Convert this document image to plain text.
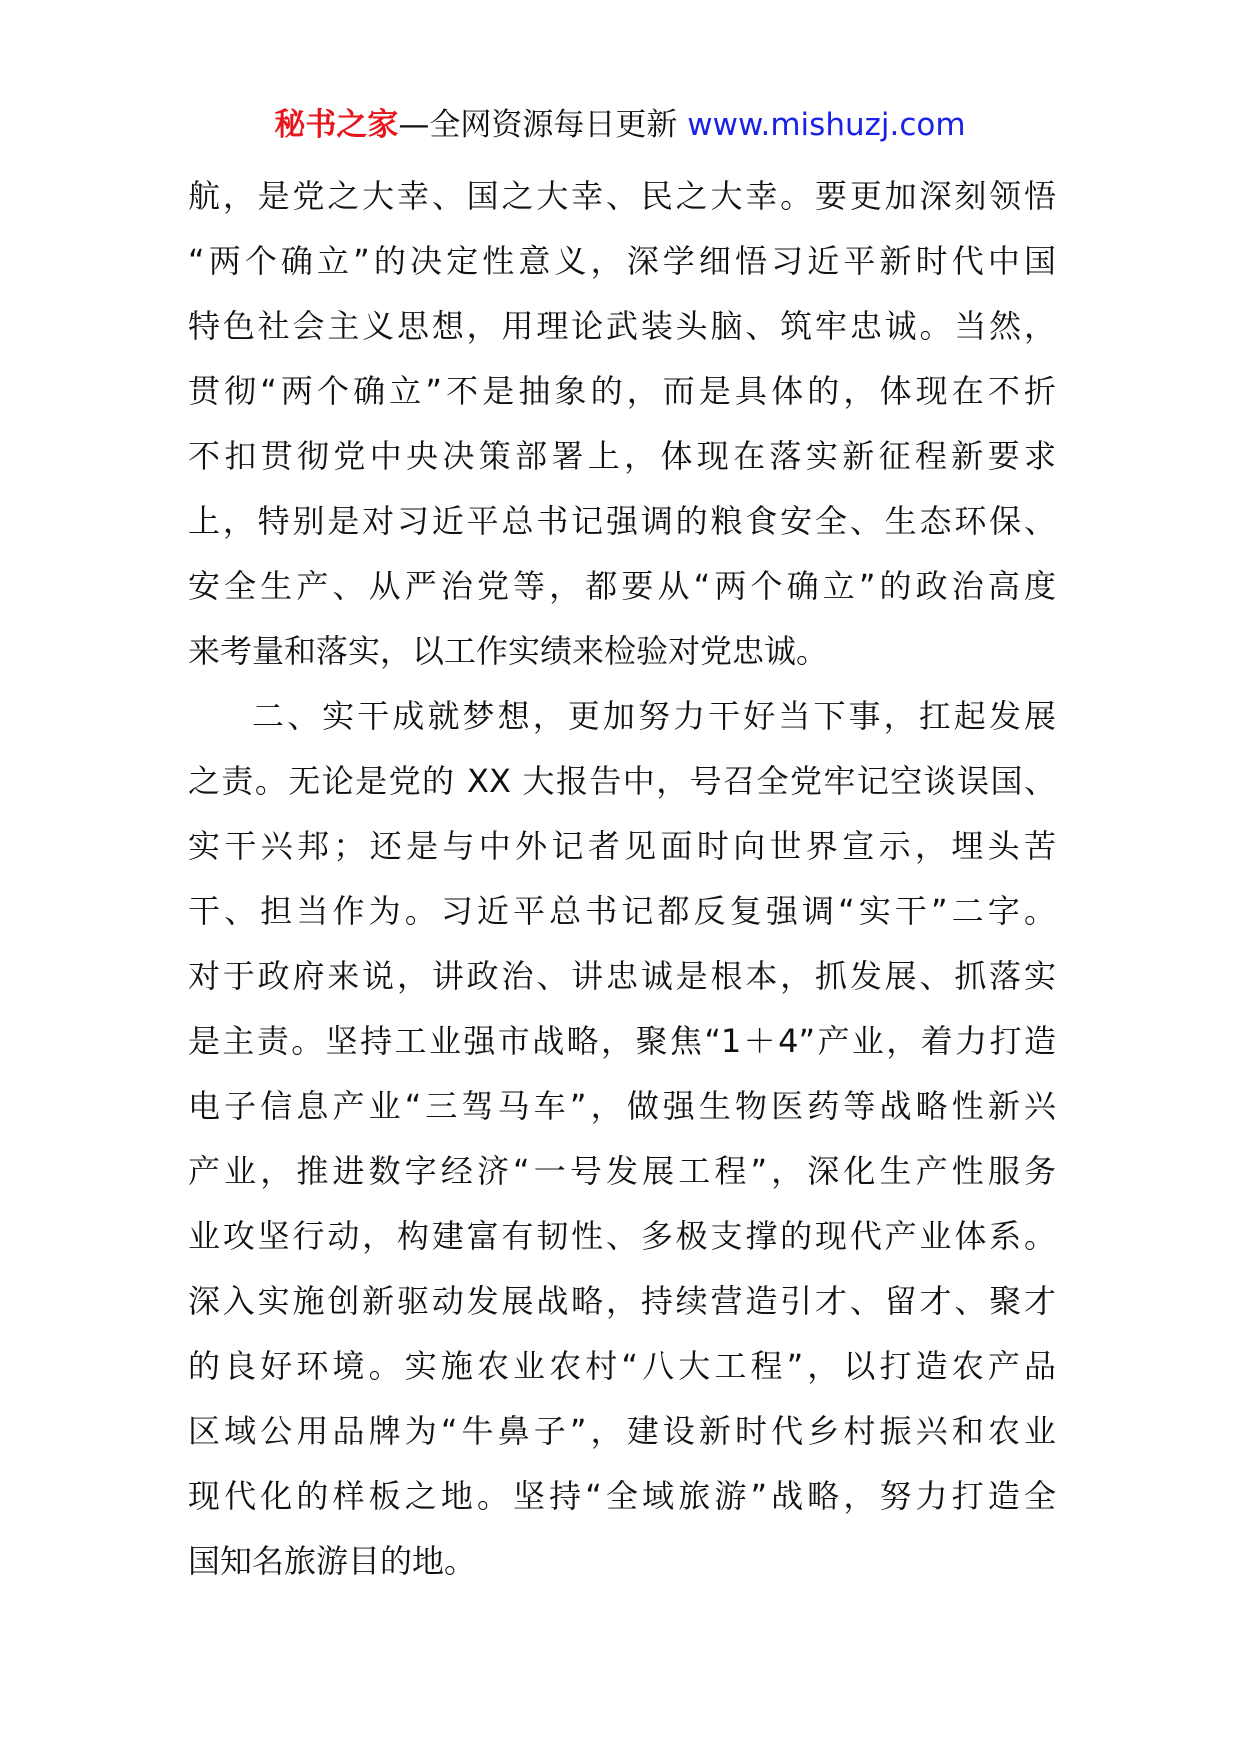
秘书之家—全网资源每日更新 www.mishuzj.com
航，是党之大幸、国之大幸、民之大幸。要更加深刻领悟
“两个确立”的决定性意义，深学细悟习近平新时代中国
特色社会主义思想，用理论武装头脑、筑牢忠诚。当然，
贯彻“两个确立”不是抽象的，而是具体的，体现在不折
不扣贯彻党中央决策部署上，体现在落实新征程新要求
上，特别是对习近平总书记强调的粮食安全、生态环保、
安全生产、从严治党等，都要从“两个确立”的政治高度
来考量和落实，以工作实绩来检验对党忠诚。
二、实干成就梦想，更加努力干好当下事，扛起发展
之责。无论是党的 XX 大报告中，号召全党牢记空谈误国、
实干兴邦；还是与中外记者见面时向世界宣示，埋头苦
干、担当作为。习近平总书记都反复强调“实干”二字。
对于政府来说，讲政治、讲忠诚是根本，抓发展、抓落实
是主责。坚持工业强市战略，聚焦“1＋4”产业，着力打造
电子信息产业“三驾马车”，做强生物医药等战略性新兴
产业，推进数字经济“一号发展工程”，深化生产性服务
业攻坚行动，构建富有韧性、多极支撑的现代产业体系。
深入实施创新驱动发展战略，持续营造引才、留才、聚才
的良好环境。实施农业农村“八大工程”，以打造农产品
区域公用品牌为“牛鼻子”，建设新时代乡村振兴和农业
现代化的样板之地。坚持“全域旅游”战略，努力打造全
国知名旅游目的地。
